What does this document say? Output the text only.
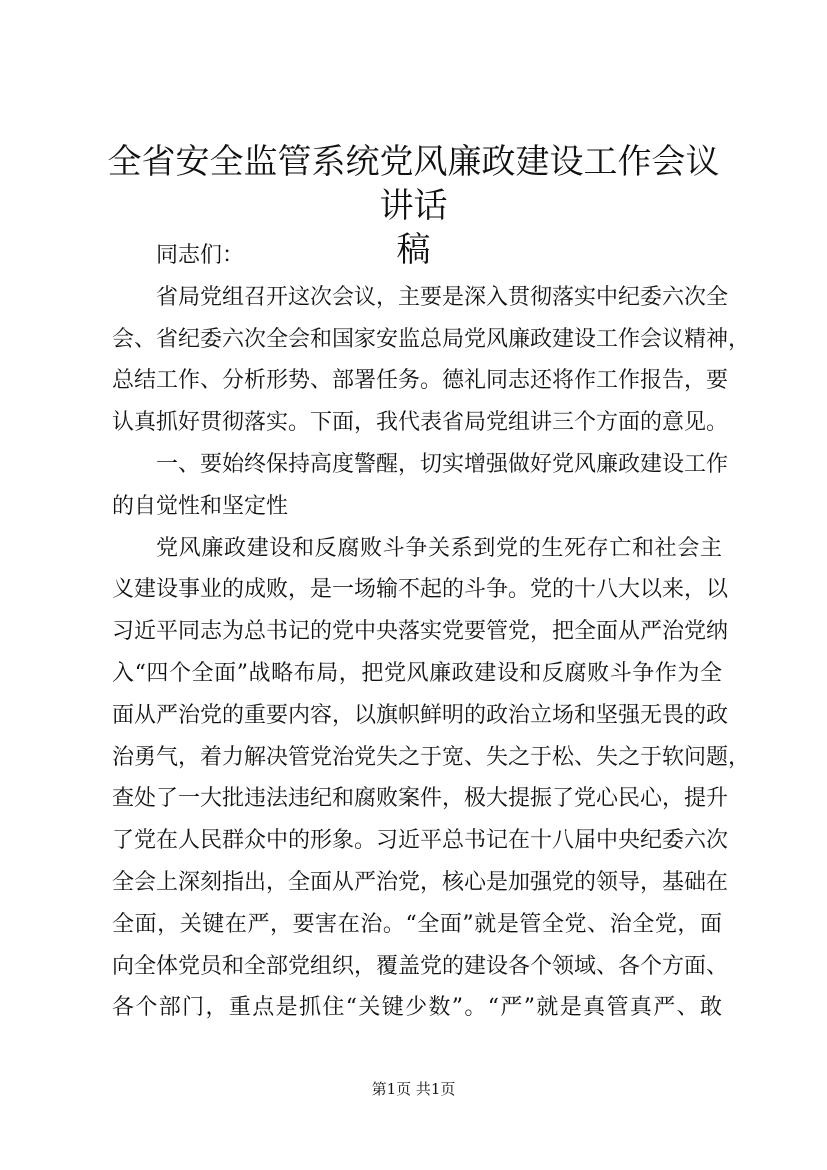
全省安全监管系统党风廉政建设工作会议讲话
稿
同志们：
省局党组召开这次会议，主要是深入贯彻落实中纪委六次全
会、省纪委六次全会和国家安监总局党风廉政建设工作会议精神，
总结工作、分析形势、部署任务。德礼同志还将作工作报告，要
认真抓好贯彻落实。下面，我代表省局党组讲三个方面的意见。
一、要始终保持高度警醒，切实增强做好党风廉政建设工作
的自觉性和坚定性
党风廉政建设和反腐败斗争关系到党的生死存亡和社会主
义建设事业的成败，是一场输不起的斗争。党的十八大以来，以
习近平同志为总书记的党中央落实党要管党，把全面从严治党纳
入“四个全面”战略布局，把党风廉政建设和反腐败斗争作为全
面从严治党的重要内容，以旗帜鲜明的政治立场和坚强无畏的政
治勇气，着力解决管党治党失之于宽、失之于松、失之于软问题，
查处了一大批违法违纪和腐败案件，极大提振了党心民心，提升
了党在人民群众中的形象。习近平总书记在十八届中央纪委六次
全会上深刻指出，全面从严治党，核心是加强党的领导，基础在
全面，关键在严，要害在治。“全面”就是管全党、治全党，面
向全体党员和全部党组织，覆盖党的建设各个领域、各个方面、
各个部门，重点是抓住“关键少数”。“严”就是真管真严、敢
第1页 共1页
